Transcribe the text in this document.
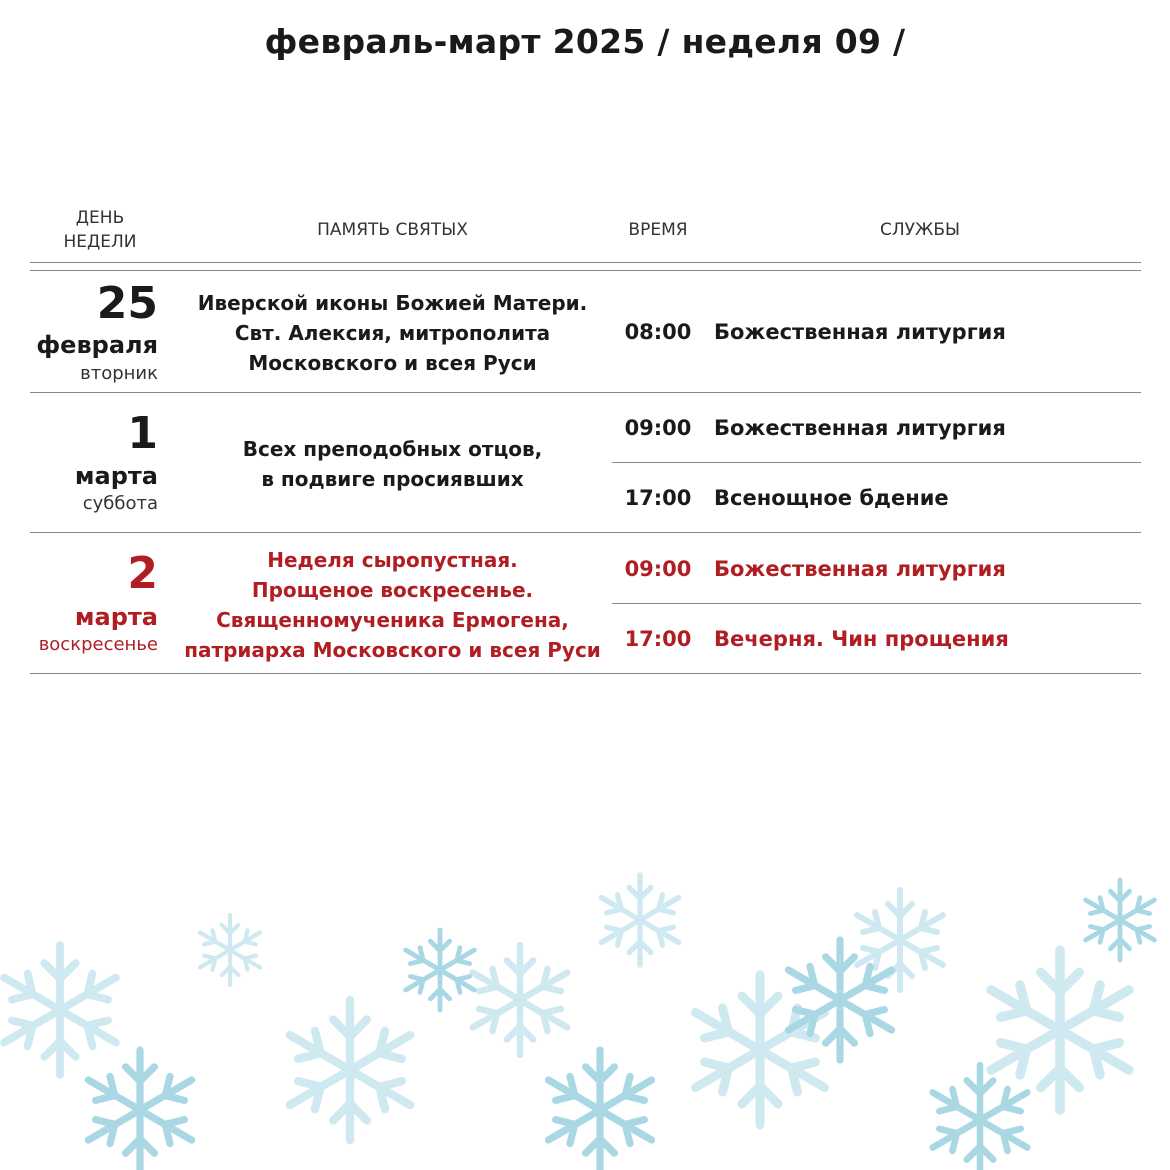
февраль-март 2025 / неделя 09 /
ДЕНЬ
НЕДЕЛИ
ПАМЯТЬ СВЯТЫХ	ВРЕМЯ	СЛУЖБЫ
25
февраля
вторник
Иверской иконы Божией Матери.
Свт. Алексия, митрополита
Московского и всея Руси
08:00 Божественная литургия
1
марта
суббота
Всех преподобных отцов,
в подвиге просиявших
09:00 Божественная литургия
17:00 Всенощное бдение
2
марта
воскресенье
Неделя сыропустная.
Прощеное воскресенье.
Священномученика Ермогена,
патриарха Московского и всея Руси
09:00 Божественная литургия
17:00 Вечерня. Чин прощения
